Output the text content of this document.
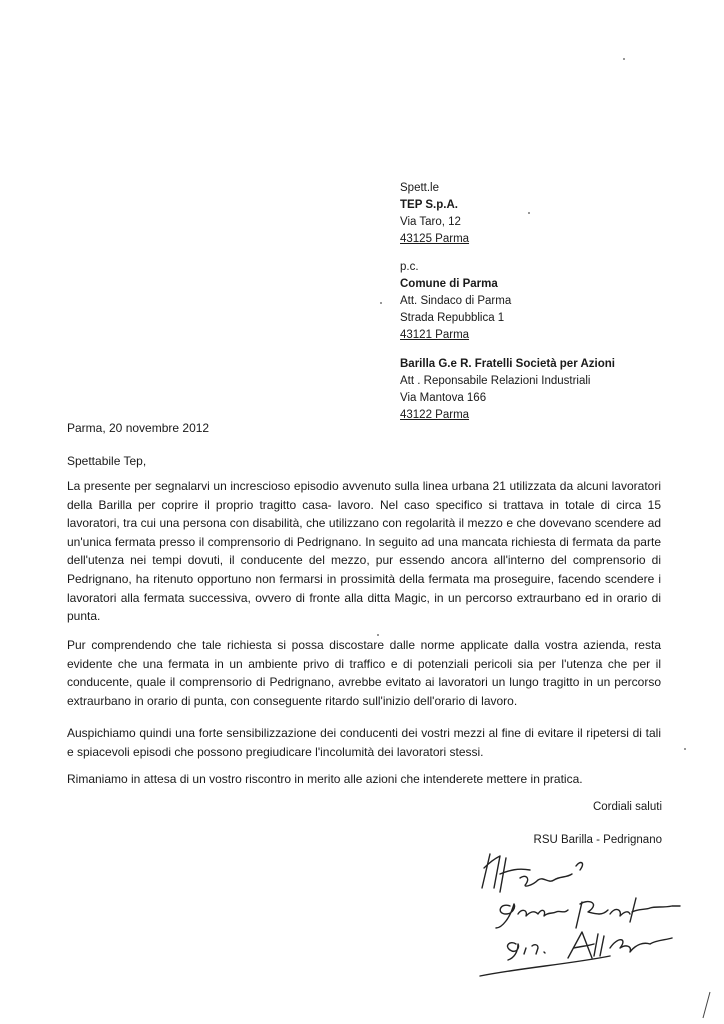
Spett.le
TEP S.p.A.
Via Taro, 12
43125 Parma
p.c.
Comune di Parma
Att. Sindaco di Parma
Strada Repubblica 1
43121 Parma
Barilla G.e R. Fratelli Società per Azioni
Att . Reponsabile Relazioni Industriali
Via Mantova 166
43122 Parma
Parma, 20 novembre 2012
Spettabile Tep,

La presente per segnalarvi un increscioso episodio avvenuto sulla linea urbana 21 utilizzata da alcuni lavoratori della Barilla per coprire il proprio tragitto casa- lavoro. Nel caso specifico si trattava in totale di circa 15 lavoratori, tra cui una persona con disabilità, che utilizzano con regolarità il mezzo e che dovevano scendere ad un'unica fermata presso il comprensorio di Pedrignano. In seguito ad una mancata richiesta di fermata da parte dell'utenza nei tempi dovuti, il conducente del mezzo, pur essendo ancora all'interno del comprensorio di Pedrignano, ha ritenuto opportuno non fermarsi in prossimità della fermata ma proseguire, facendo scendere i lavoratori alla fermata successiva, ovvero di fronte alla ditta Magic, in un percorso extraurbano ed in orario di punta.

Pur comprendendo che tale richiesta si possa discostare dalle norme applicate dalla vostra azienda, resta evidente che una fermata in un ambiente privo di traffico e di potenziali pericoli sia per l'utenza che per il conducente, quale il comprensorio di Pedrignano, avrebbe evitato ai lavoratori un lungo tragitto in un percorso extraurbano in orario di punta, con conseguente ritardo sull'inizio dell'orario di lavoro.

Auspichiamo quindi una forte sensibilizzazione dei conducenti dei vostri mezzi al fine di evitare il ripetersi di tali e spiacevoli episodi che possono pregiudicare l'incolumità dei lavoratori stessi.

Rimaniamo in attesa di un vostro riscontro in merito alle azioni che intenderete mettere in pratica.

Cordiali saluti
RSU Barilla - Pedrignano
